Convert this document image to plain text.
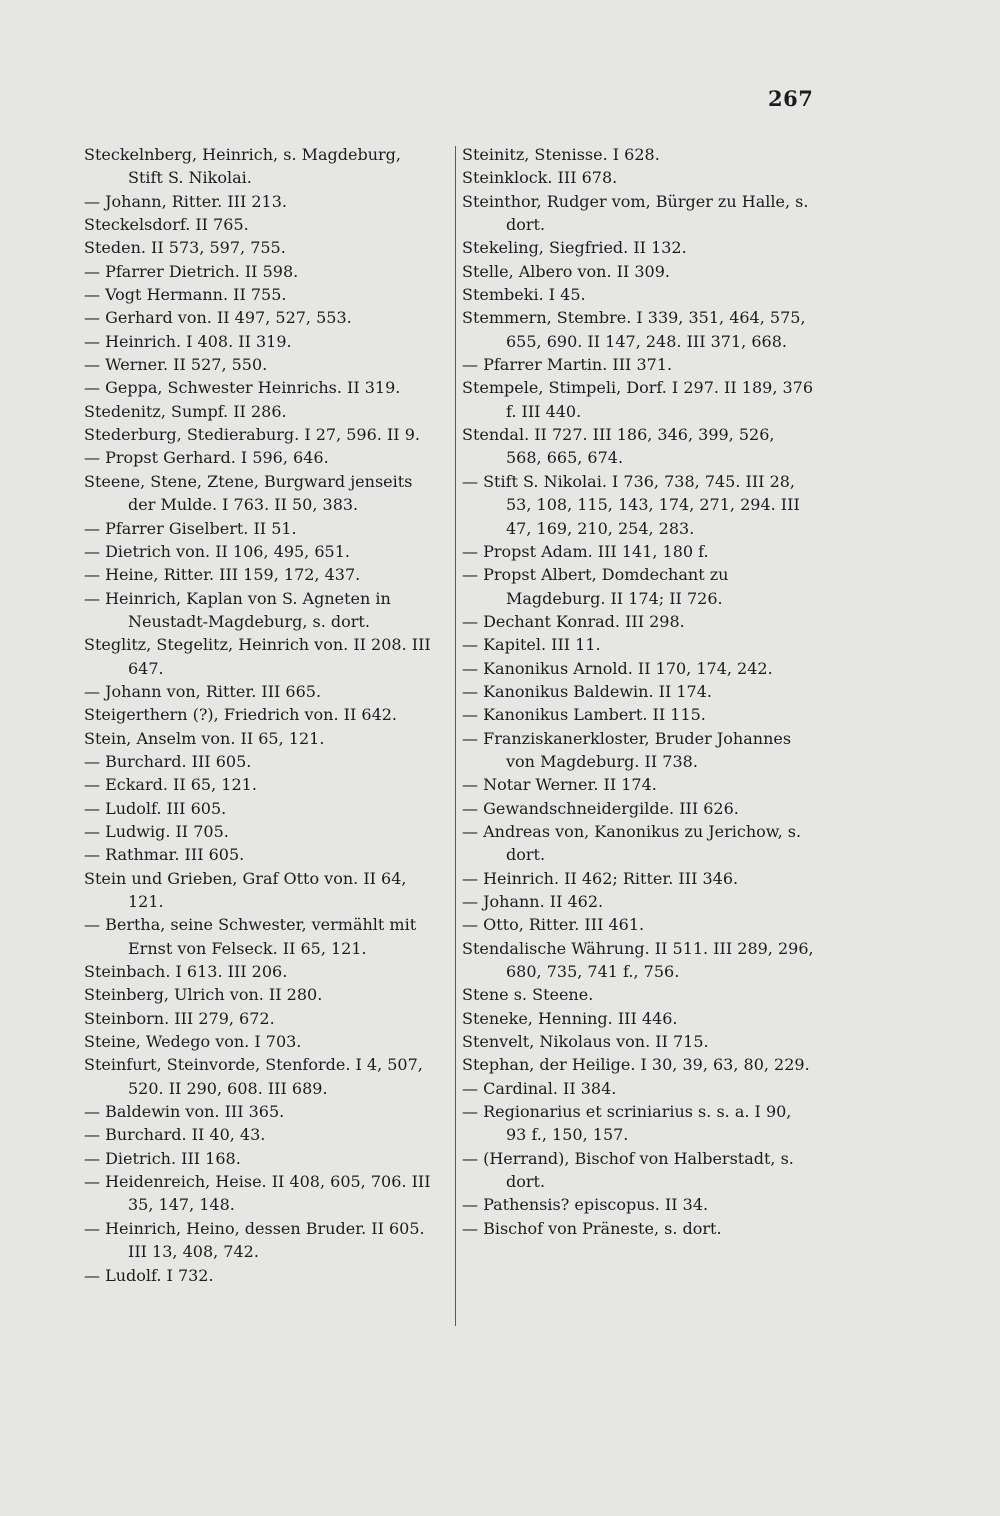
267
Steckelnberg, Heinrich, s. Magdeburg, Stift S. Nikolai.
— Johann, Ritter. III 213.
Steckelsdorf. II 765.
Steden. II 573, 597, 755.
— Pfarrer Dietrich. II 598.
— Vogt Hermann. II 755.
— Gerhard von. II 497, 527, 553.
— Heinrich. I 408. II 319.
— Werner. II 527, 550.
— Geppa, Schwester Heinrichs. II 319.
Stedenitz, Sumpf. II 286.
Stederburg, Stedieraburg. I 27, 596. II 9.
— Propst Gerhard. I 596, 646.
Steene, Stene, Ztene, Burgward jenseits der Mulde. I 763. II 50, 383.
— Pfarrer Giselbert. II 51.
— Dietrich von. II 106, 495, 651.
— Heine, Ritter. III 159, 172, 437.
— Heinrich, Kaplan von S. Agneten in Neustadt-Magdeburg, s. dort.
Steglitz, Stegelitz, Heinrich von. II 208. III 647.
— Johann von, Ritter. III 665.
Steigerthern (?), Friedrich von. II 642.
Stein, Anselm von. II 65, 121.
— Burchard. III 605.
— Eckard. II 65, 121.
— Ludolf. III 605.
— Ludwig. II 705.
— Rathmar. III 605.
Stein und Grieben, Graf Otto von. II 64, 121.
— Bertha, seine Schwester, vermählt mit Ernst von Felseck. II 65, 121.
Steinbach. I 613. III 206.
Steinberg, Ulrich von. II 280.
Steinborn. III 279, 672.
Steine, Wedego von. I 703.
Steinfurt, Steinvorde, Stenforde. I 4, 507, 520. II 290, 608. III 689.
— Baldewin von. III 365.
— Burchard. II 40, 43.
— Dietrich. III 168.
— Heidenreich, Heise. II 408, 605, 706. III 35, 147, 148.
— Heinrich, Heino, dessen Bruder. II 605. III 13, 408, 742.
— Ludolf. I 732.
Steinitz, Stenisse. I 628.
Steinklock. III 678.
Steinthor, Rudger vom, Bürger zu Halle, s. dort.
Stekeling, Siegfried. II 132.
Stelle, Albero von. II 309.
Stembeki. I 45.
Stemmern, Stembre. I 339, 351, 464, 575, 655, 690. II 147, 248. III 371, 668.
— Pfarrer Martin. III 371.
Stempele, Stimpeli, Dorf. I 297. II 189, 376 f. III 440.
Stendal. II 727. III 186, 346, 399, 526, 568, 665, 674.
— Stift S. Nikolai. I 736, 738, 745. III 28, 53, 108, 115, 143, 174, 271, 294. III 47, 169, 210, 254, 283.
— Propst Adam. III 141, 180 f.
— Propst Albert, Domdechant zu Magdeburg. II 174; II 726.
— Dechant Konrad. III 298.
— Kapitel. III 11.
— Kanonikus Arnold. II 170, 174, 242.
— Kanonikus Baldewin. II 174.
— Kanonikus Lambert. II 115.
— Franziskanerkloster, Bruder Johannes von Magdeburg. II 738.
— Notar Werner. II 174.
— Gewandschneidergilde. III 626.
— Andreas von, Kanonikus zu Jerichow, s. dort.
— Heinrich. II 462; Ritter. III 346.
— Johann. II 462.
— Otto, Ritter. III 461.
Stendalische Währung. II 511. III 289, 296, 680, 735, 741 f., 756.
Stene s. Steene.
Steneke, Henning. III 446.
Stenvelt, Nikolaus von. II 715.
Stephan, der Heilige. I 30, 39, 63, 80, 229.
— Cardinal. II 384.
— Regionarius et scriniarius s. s. a. I 90, 93 f., 150, 157.
— (Herrand), Bischof von Halberstadt, s. dort.
— Pathensis? episcopus. II 34.
— Bischof von Präneste, s. dort.
